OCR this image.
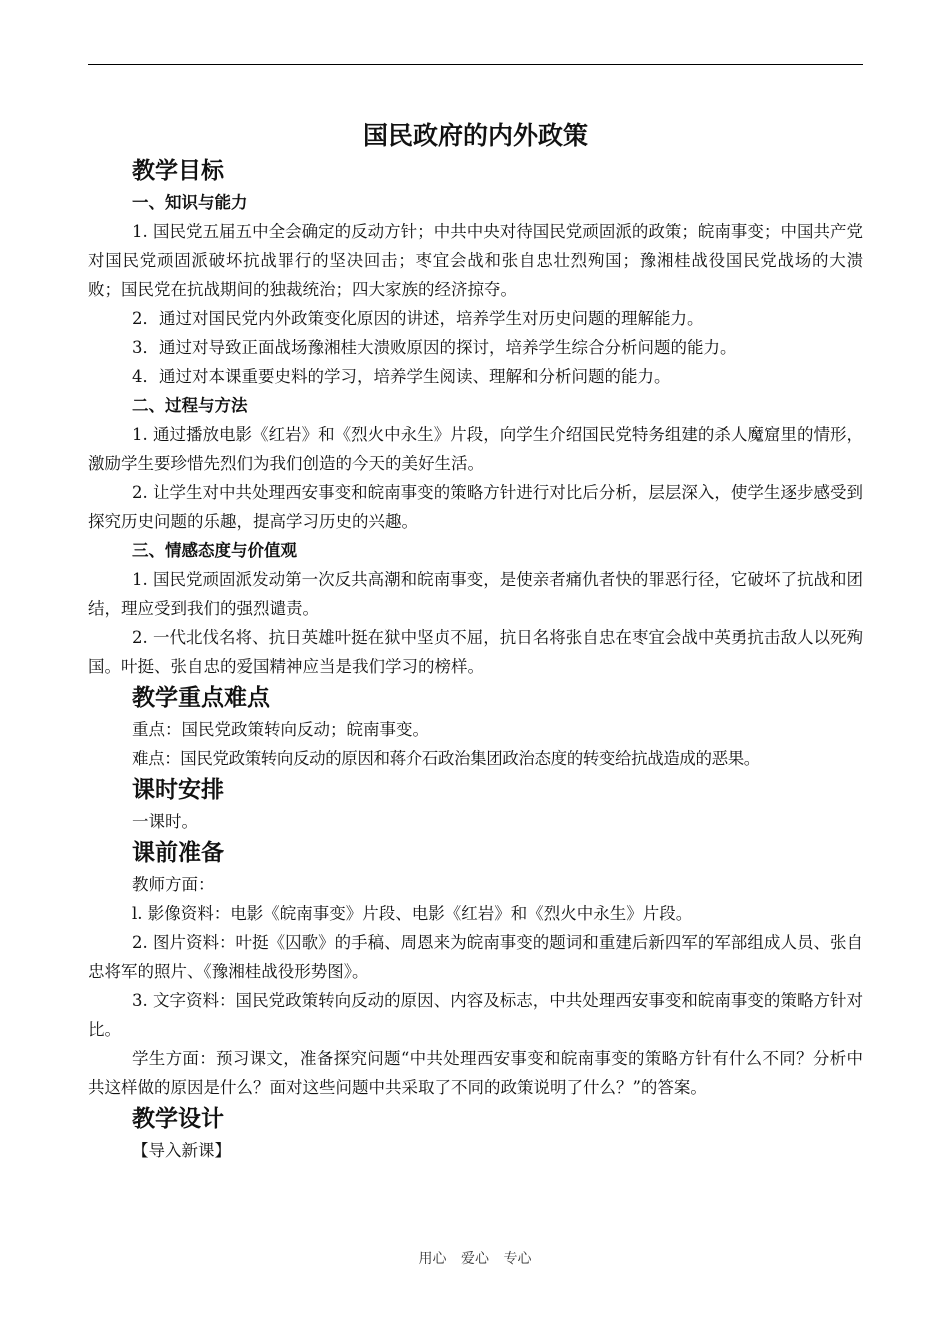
国民政府的内外政策
教学目标
一、知识与能力

1. 国民党五届五中全会确定的反动方针；中共中央对待国民党顽固派的政策；皖南事变；中国共产党对国民党顽固派破坏抗战罪行的坚决回击；枣宜会战和张自忠壮烈殉国；豫湘桂战役国民党战场的大溃败；国民党在抗战期间的独裁统治；四大家族的经济掠夺。

2．通过对国民党内外政策变化原因的讲述，培养学生对历史问题的理解能力。

3．通过对导致正面战场豫湘桂大溃败原因的探讨，培养学生综合分析问题的能力。

4．通过对本课重要史料的学习，培养学生阅读、理解和分析问题的能力。

二、过程与方法

1. 通过播放电影《红岩》和《烈火中永生》片段，向学生介绍国民党特务组建的杀人魔窟里的情形，激励学生要珍惜先烈们为我们创造的今天的美好生活。

2. 让学生对中共处理西安事变和皖南事变的策略方针进行对比后分析，层层深入，使学生逐步感受到探究历史问题的乐趣，提高学习历史的兴趣。

三、情感态度与价值观

1. 国民党顽固派发动第一次反共高潮和皖南事变，是使亲者痛仇者快的罪恶行径，它破坏了抗战和团结，理应受到我们的强烈谴责。

2. 一代北伐名将、抗日英雄叶挺在狱中坚贞不屈，抗日名将张自忠在枣宜会战中英勇抗击敌人以死殉国。叶挺、张自忠的爱国精神应当是我们学习的榜样。

教学重点难点

重点：国民党政策转向反动；皖南事变。

难点：国民党政策转向反动的原因和蒋介石政治集团政治态度的转变给抗战造成的恶果。

课时安排

一课时。

课前准备

教师方面：

l. 影像资料：电影《皖南事变》片段、电影《红岩》和《烈火中永生》片段。

2. 图片资料：叶挺《囚歌》的手稿、周恩来为皖南事变的题词和重建后新四军的军部组成人员、张自忠将军的照片、《豫湘桂战役形势图》。

3. 文字资料：国民党政策转向反动的原因、内容及标志，中共处理西安事变和皖南事变的策略方针对比。

学生方面：预习课文，准备探究问题“中共处理西安事变和皖南事变的策略方针有什么不同？分析中共这样做的原因是什么？面对这些问题中共采取了不同的政策说明了什么？”的答案。

教学设计

【导入新课】

用心 爱心 专心
